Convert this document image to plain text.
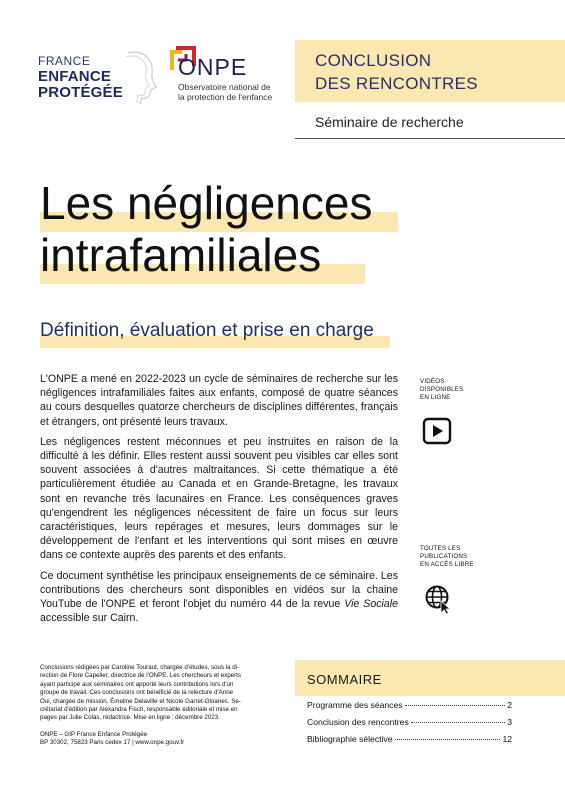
FRANCE
ENFANCE
PROTÉGÉE
ONPE
Observatoire national de
la protection de l'enfance
CONCLUSION
DES RENCONTRES
Séminaire de recherche
Les négligences
intrafamiliales
Définition, évaluation et prise en charge

L'ONPE a mené en 2022-2023 un cycle de séminaires de recherche sur les négligences intrafamiliales faites aux enfants, composé de quatre séances au cours desquelles quatorze chercheurs de disciplines différentes, français et étrangers, ont présenté leurs travaux.

Les négligences restent méconnues et peu instruites en raison de la difficulté à les définir. Elles restent aussi souvent peu visibles car elles sont souvent associées à d'autres maltraitances. Si cette thématique a été particulièrement étudiée au Canada et en Grande-Bretagne, les travaux sont en revanche très lacunaires en France. Les conséquences graves qu'engendrent les négligences nécessitent de faire un focus sur leurs caractéristiques, leurs repérages et mesures, leurs dommages sur le développement de l'enfant et les interventions qui sont mises en œuvre dans ce contexte auprès des parents et des enfants.

Ce document synthétise les principaux enseignements de ce séminaire. Les contributions des chercheurs sont disponibles en vidéos sur la chaine YouTube de l'ONPE et feront l'objet du numéro 44 de la revue Vie Sociale accessible sur Cairn.

VIDÉOS
DISPONIBLES
EN LIGNE
TOUTES LES
PUBLICATIONS
EN ACCÈS LIBRE
Conclusions rédigées par Caroline Touraut, chargée d'études, sous la di-
rection de Flore Capelier, directrice de l'ONPE. Les chercheurs et experts
ayant participé aux séminaires ont apporté leurs contributions lors d'un
groupe de travail. Ces conclusions ont bénéficié de la relecture d'Anne
Oui, chargée de mission, Émeline Delaville et Nicole Garret-Gloanec. Se-
crétariat d'édition par Alexandra Fisch, responsable éditoriale et mise en
pages par Julie Colas, rédactrice. Mise en ligne : décembre 2023.
ONPE – GIP France Enfance Protégée
BP 30302, 75823 Paris cedex 17 | www.onpe.gouv.fr
SOMMAIRE
Programme des séances	2
Conclusion des rencontres	3
Bibliographie sélective	12
